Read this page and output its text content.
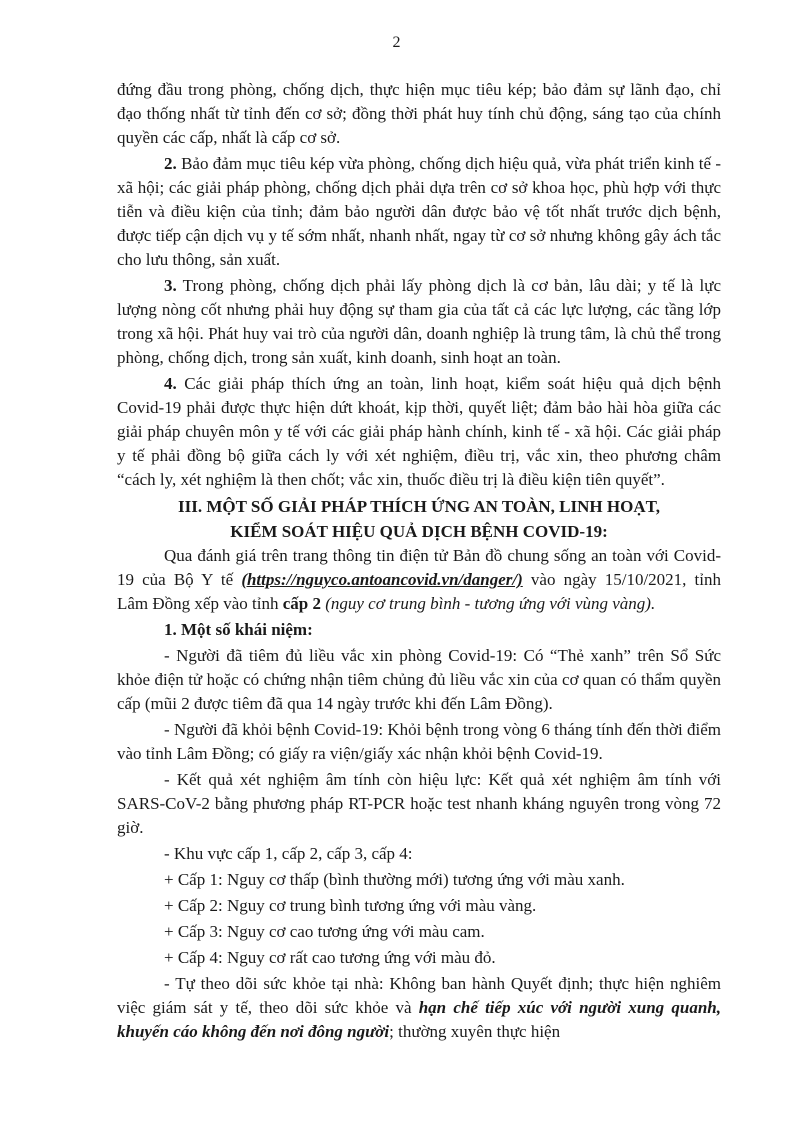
2

đứng đầu trong phòng, chống dịch, thực hiện mục tiêu kép; bảo đảm sự lãnh đạo, chỉ đạo thống nhất từ tỉnh đến cơ sở; đồng thời phát huy tính chủ động, sáng tạo của chính quyền các cấp, nhất là cấp cơ sở.

2. Bảo đảm mục tiêu kép vừa phòng, chống dịch hiệu quả, vừa phát triển kinh tế - xã hội; các giải pháp phòng, chống dịch phải dựa trên cơ sở khoa học, phù hợp với thực tiễn và điều kiện của tỉnh; đảm bảo người dân được bảo vệ tốt nhất trước dịch bệnh, được tiếp cận dịch vụ y tế sớm nhất, nhanh nhất, ngay từ cơ sở nhưng không gây ách tắc cho lưu thông, sản xuất.

3. Trong phòng, chống dịch phải lấy phòng dịch là cơ bản, lâu dài; y tế là lực lượng nòng cốt nhưng phải huy động sự tham gia của tất cả các lực lượng, các tầng lớp trong xã hội. Phát huy vai trò của người dân, doanh nghiệp là trung tâm, là chủ thể trong phòng, chống dịch, trong sản xuất, kinh doanh, sinh hoạt an toàn.

4. Các giải pháp thích ứng an toàn, linh hoạt, kiểm soát hiệu quả dịch bệnh Covid-19 phải được thực hiện dứt khoát, kịp thời, quyết liệt; đảm bảo hài hòa giữa các giải pháp chuyên môn y tế với các giải pháp hành chính, kinh tế - xã hội. Các giải pháp y tế phải đồng bộ giữa cách ly với xét nghiệm, điều trị, vắc xin, theo phương châm “cách ly, xét nghiệm là then chốt; vắc xin, thuốc điều trị là điều kiện tiên quyết”.

III. MỘT SỐ GIẢI PHÁP THÍCH ỨNG AN TOÀN, LINH HOẠT,
KIỂM SOÁT HIỆU QUẢ DỊCH BỆNH COVID-19:

Qua đánh giá trên trang thông tin điện tử Bản đồ chung sống an toàn với Covid-19 của Bộ Y tế (https://nguyco.antoancovid.vn/danger/) vào ngày 15/10/2021, tỉnh Lâm Đồng xếp vào tỉnh cấp 2 (nguy cơ trung bình - tương ứng với vùng vàng).

1. Một số khái niệm:

- Người đã tiêm đủ liều vắc xin phòng Covid-19: Có “Thẻ xanh” trên Sổ Sức khỏe điện tử hoặc có chứng nhận tiêm chủng đủ liều vắc xin của cơ quan có thẩm quyền cấp (mũi 2 được tiêm đã qua 14 ngày trước khi đến Lâm Đồng).

- Người đã khỏi bệnh Covid-19: Khỏi bệnh trong vòng 6 tháng tính đến thời điểm vào tỉnh Lâm Đồng; có giấy ra viện/giấy xác nhận khỏi bệnh Covid-19.

- Kết quả xét nghiệm âm tính còn hiệu lực: Kết quả xét nghiệm âm tính với SARS-CoV-2 bằng phương pháp RT-PCR hoặc test nhanh kháng nguyên trong vòng 72 giờ.

- Khu vực cấp 1, cấp 2, cấp 3, cấp 4:

+ Cấp 1: Nguy cơ thấp (bình thường mới) tương ứng với màu xanh.

+ Cấp 2: Nguy cơ trung bình tương ứng với màu vàng.

+ Cấp 3: Nguy cơ cao tương ứng với màu cam.

+ Cấp 4: Nguy cơ rất cao tương ứng với màu đỏ.

- Tự theo dõi sức khỏe tại nhà: Không ban hành Quyết định; thực hiện nghiêm việc giám sát y tế, theo dõi sức khỏe và hạn chế tiếp xúc với người xung quanh, khuyến cáo không đến nơi đông người; thường xuyên thực hiện
